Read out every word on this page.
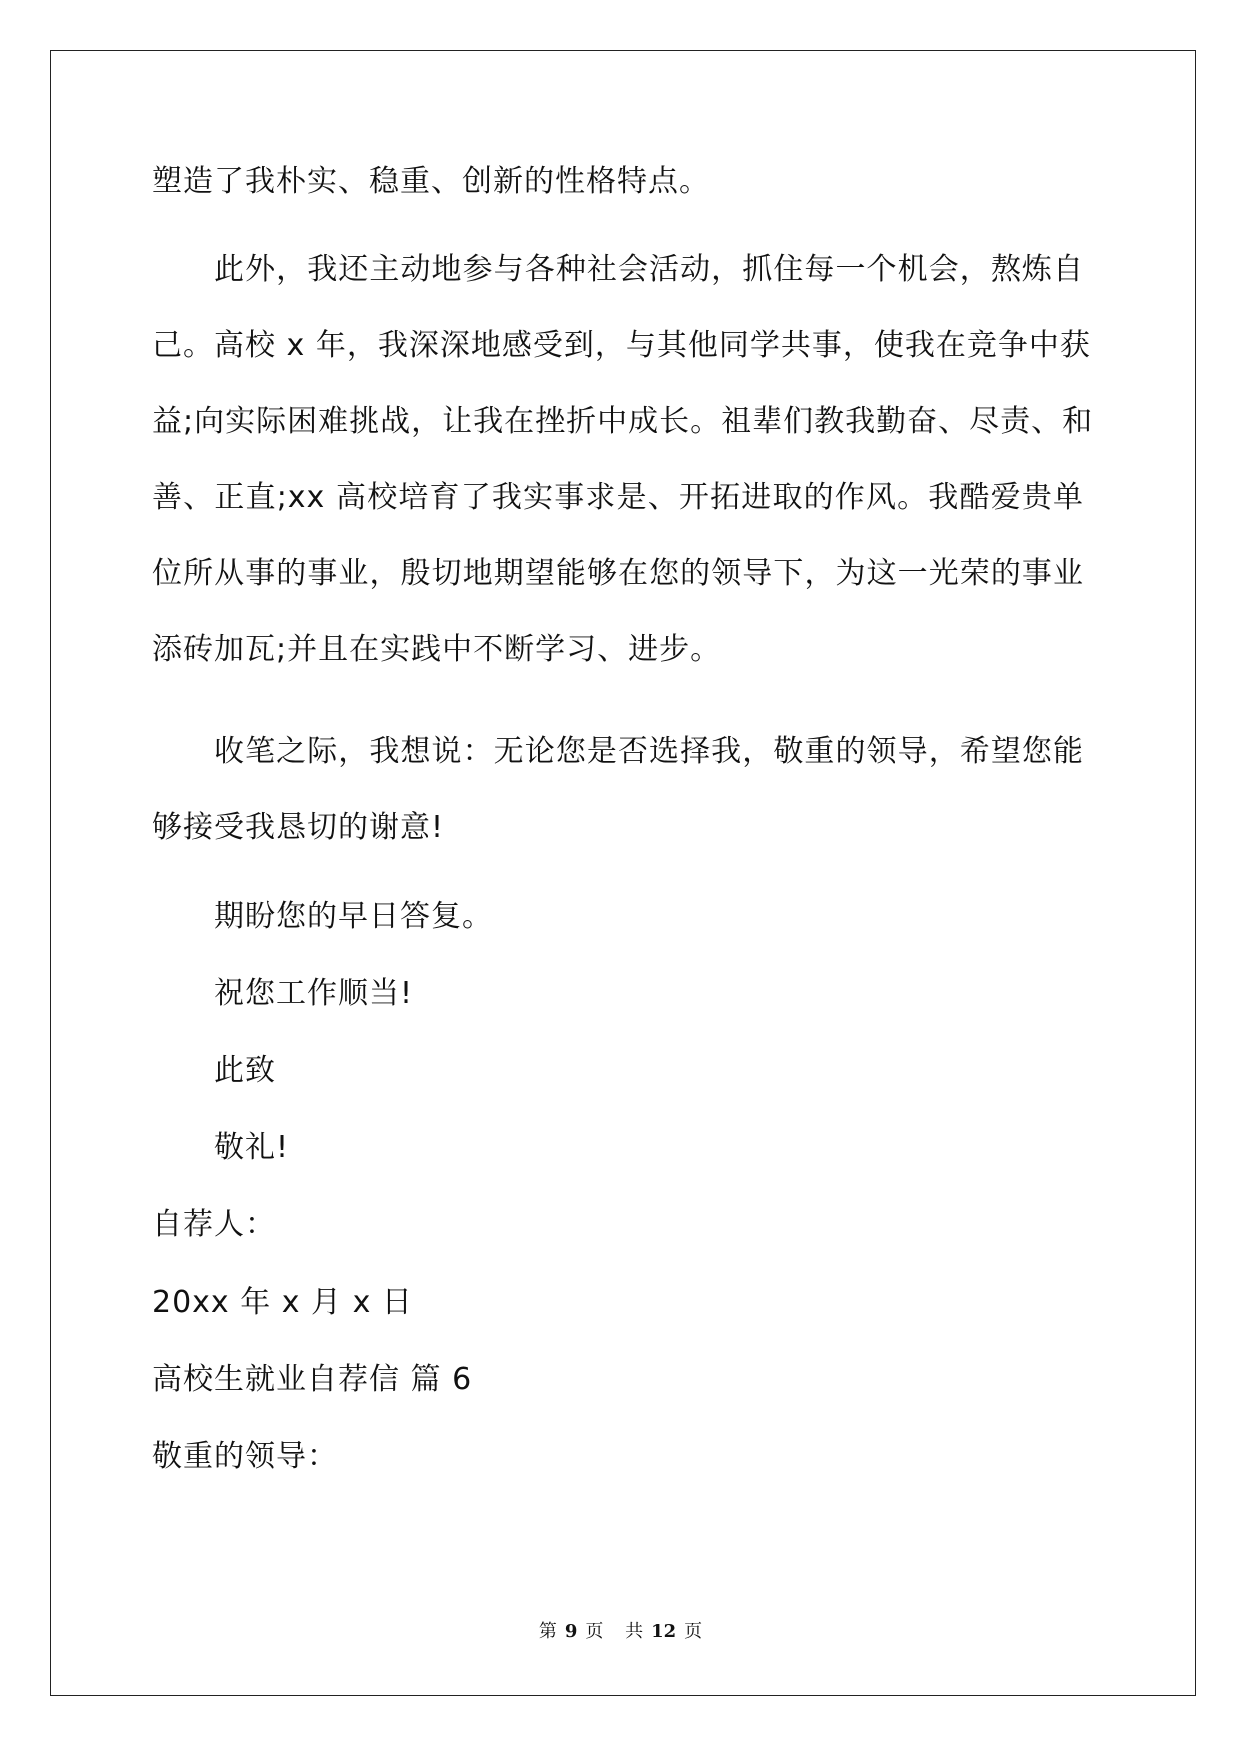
塑造了我朴实、稳重、创新的性格特点。
此外，我还主动地参与各种社会活动，抓住每一个机会，熬炼自
己。高校 x 年，我深深地感受到，与其他同学共事，使我在竞争中获
益;向实际困难挑战，让我在挫折中成长。祖辈们教我勤奋、尽责、和
善、正直;xx 高校培育了我实事求是、开拓进取的作风。我酷爱贵单
位所从事的事业，殷切地期望能够在您的领导下，为这一光荣的事业
添砖加瓦;并且在实践中不断学习、进步。
收笔之际，我想说：无论您是否选择我，敬重的领导，希望您能
够接受我恳切的谢意!
期盼您的早日答复。
祝您工作顺当!
此致
敬礼!
自荐人：
20xx 年 x 月 x 日
高校生就业自荐信 篇 6
敬重的领导：
第 9 页 共 12 页
